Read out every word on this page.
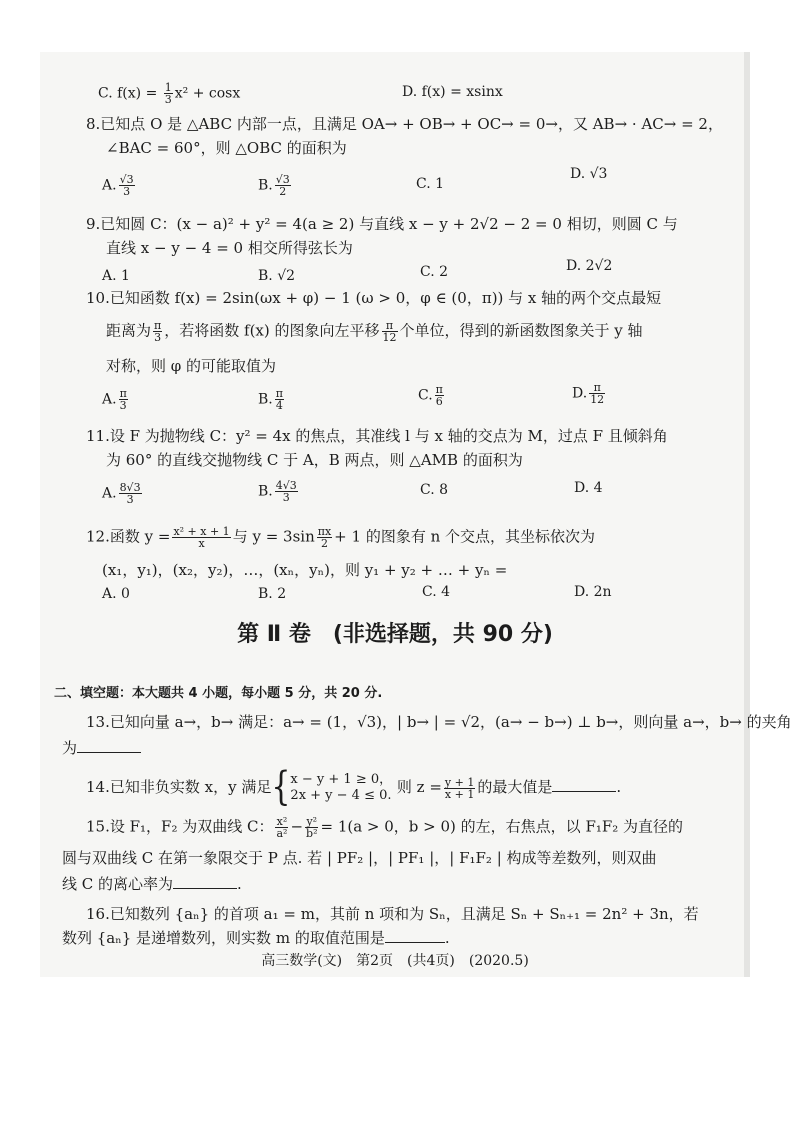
C. $f(x) = \frac{1}{3} x^2 + \cos x$	D. f(x) = xsinx
8.已知点 O 是 △ABC 内部一点，且满足 OA→ + OB→ + OC→ = 0→，又 AB→ · AC→ = 2，
∠BAC = 60°，则 △OBC 的面积为
A. $\frac{√3}{3}$	B. $\frac{√3}{2}$	C. 1
D. √3
9.已知圆 C：(x − a)² + y² = 4(a ≥ 2) 与直线 x − y + 2√2 − 2 = 0 相切，则圆 C 与
直线 x − y − 4 = 0 相交所得弦长为
A. 1	B. √2	C. 2	D. 2√2
10.已知函数 f(x) = 2sin(ωx + φ) − 1 (ω > 0，φ ∈ (0，π)) 与 x 轴的两个交点最短
距离为 $\frac{\pi}{3}$ ，若将函数 f(x) 的图象向左平移 $\frac{\pi}{12}$ 个单位，得到的新函数图象关于 y 轴
对称，则 φ 的可能取值为
A. $\frac{\pi}{3}$	B. $\frac{\pi}{4}$	C. $\frac{\pi}{6}$	D. $\frac{\pi}{12}$
11.设 F 为抛物线 C：y² = 4x 的焦点，其准线 l 与 x 轴的交点为 M，过点 F 且倾斜角
为 60° 的直线交抛物线 C 于 A，B 两点，则 △AMB 的面积为
A. $\frac{8√3}{3}$	B. $\frac{4√3}{3}$	C. 8	D. 4
12.函数 $y = \frac{\text{x² + x + 1}}{x}$ 与 $y = 3\sin \frac{\pi x}{2} + 1$ 的图象有 n 个交点，其坐标依次为
(x₁，y₁)，(x₂，y₂)，…，(xₙ，yₙ)，则 y₁ + y₂ + … + yₙ =
A. 0	B. 2	C. 4	D. 2n
第 Ⅱ 卷　(非选择题，共 90 分)
二、填空题：本大题共 4 小题，每小题 5 分，共 20 分.
13.已知向量 a→，b→ 满足：a→ = (1，√3)，| b→ | = √2，(a→ − b→) ⊥ b→，则向量 a→，b→ 的夹角
为
14.已知非负实数 x，y 满足{ x − y + 1 ≥ 0，
2x + y − 4 ≤ 0. 则 $z = \frac{y + 1}{x + 1}$ 的最大值是	.
15.设 F₁，F₂ 为双曲线 C： $\frac{\text{x²}}{\text{a²}} - \frac{\text{y²}}{\text{b²}} = 1(a > 0$，b > 0) 的左，右焦点，以 F₁F₂ 为直径的
圆与双曲线 C 在第一象限交于 P 点. 若 | PF₂ |，| PF₁ |，| F₁F₂ | 构成等差数列，则双曲
线 C 的离心率为	.
16.已知数列 {aₙ} 的首项 a₁ = m，其前 n 项和为 Sₙ，且满足 Sₙ + Sₙ₊₁ = 2n² + 3n，若
数列 {aₙ} 是递增数列，则实数 m 的取值范围是	.
高三数学(文)　第2页　(共4页)　(2020.5)
